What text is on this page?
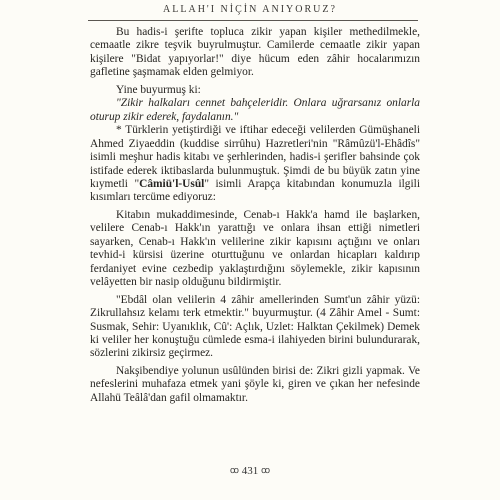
ALLAH'I NİÇİN ANIYORUZ?

Bu hadis-i şerifte topluca zikir yapan kişiler methedilmekle, cemaatle zikre teşvik buyrulmuştur. Camilerde cemaatle zikir yapan kişilere "Bidat yapıyorlar!" diye hücum eden zâhir hocalarımızın gafletine şaşmamak elden gelmiyor.

Yine buyurmuş ki:

"Zikir halkaları cennet bahçeleridir. Onlara uğrarsanız onlarla oturup zikir ederek, faydalanın."

* Türklerin yetiştirdiği ve iftihar edeceği velilerden Gümüşhaneli Ahmed Ziyaeddin (kuddise sirrûhu) Hazretleri'nin "Râmûzü'l-Ehâdîs" isimli meşhur hadis kitabı ve şerhlerinden, hadis-i şerifler bahsinde çok istifade ederek iktibaslarda bulunmuştuk. Şimdi de bu büyük zatın yine kıymetli "Câmiü'l-Usûl" isimli Arapça kitabından konumuzla ilgili kısımları tercüme ediyoruz:

Kitabın mukaddimesinde, Cenab-ı Hakk'a hamd ile başlarken, velilere Cenab-ı Hakk'ın yarattığı ve onlara ihsan ettiği nimetleri sayarken, Cenab-ı Hakk'ın velilerine zikir kapısını açtığını ve onları tevhid-i kürsisi üzerine oturttuğunu ve onlardan hicapları kaldırıp ferdaniyet evine cezbedip yaklaştırdığını söylemekle, zikir kapısının velâyetten bir nasip olduğunu bildirmiştir.

"Ebdâl olan velilerin 4 zâhir amellerinden Sumt'un zâhir yüzü: Zikrullahsız kelamı terk etmektir." buyurmuştur. (4 Zâhir Amel - Sumt: Susmak, Sehir: Uyanıklık, Cû': Açlık, Uzlet: Halktan Çekilmek) Demek ki veliler her konuştuğu cümlede esma-i ilahiyeden birini bulundurarak, sözlerini zikirsiz geçirmez.

Nakşibendiye yolunun usûlünden birisi de: Zikri gizli yapmak. Ve nefeslerini muhafaza etmek yani şöyle ki, giren ve çıkan her nefesinde Allahü Teâlâ'dan gafil olmamaktır.

ꝏ 431 ꝏ
